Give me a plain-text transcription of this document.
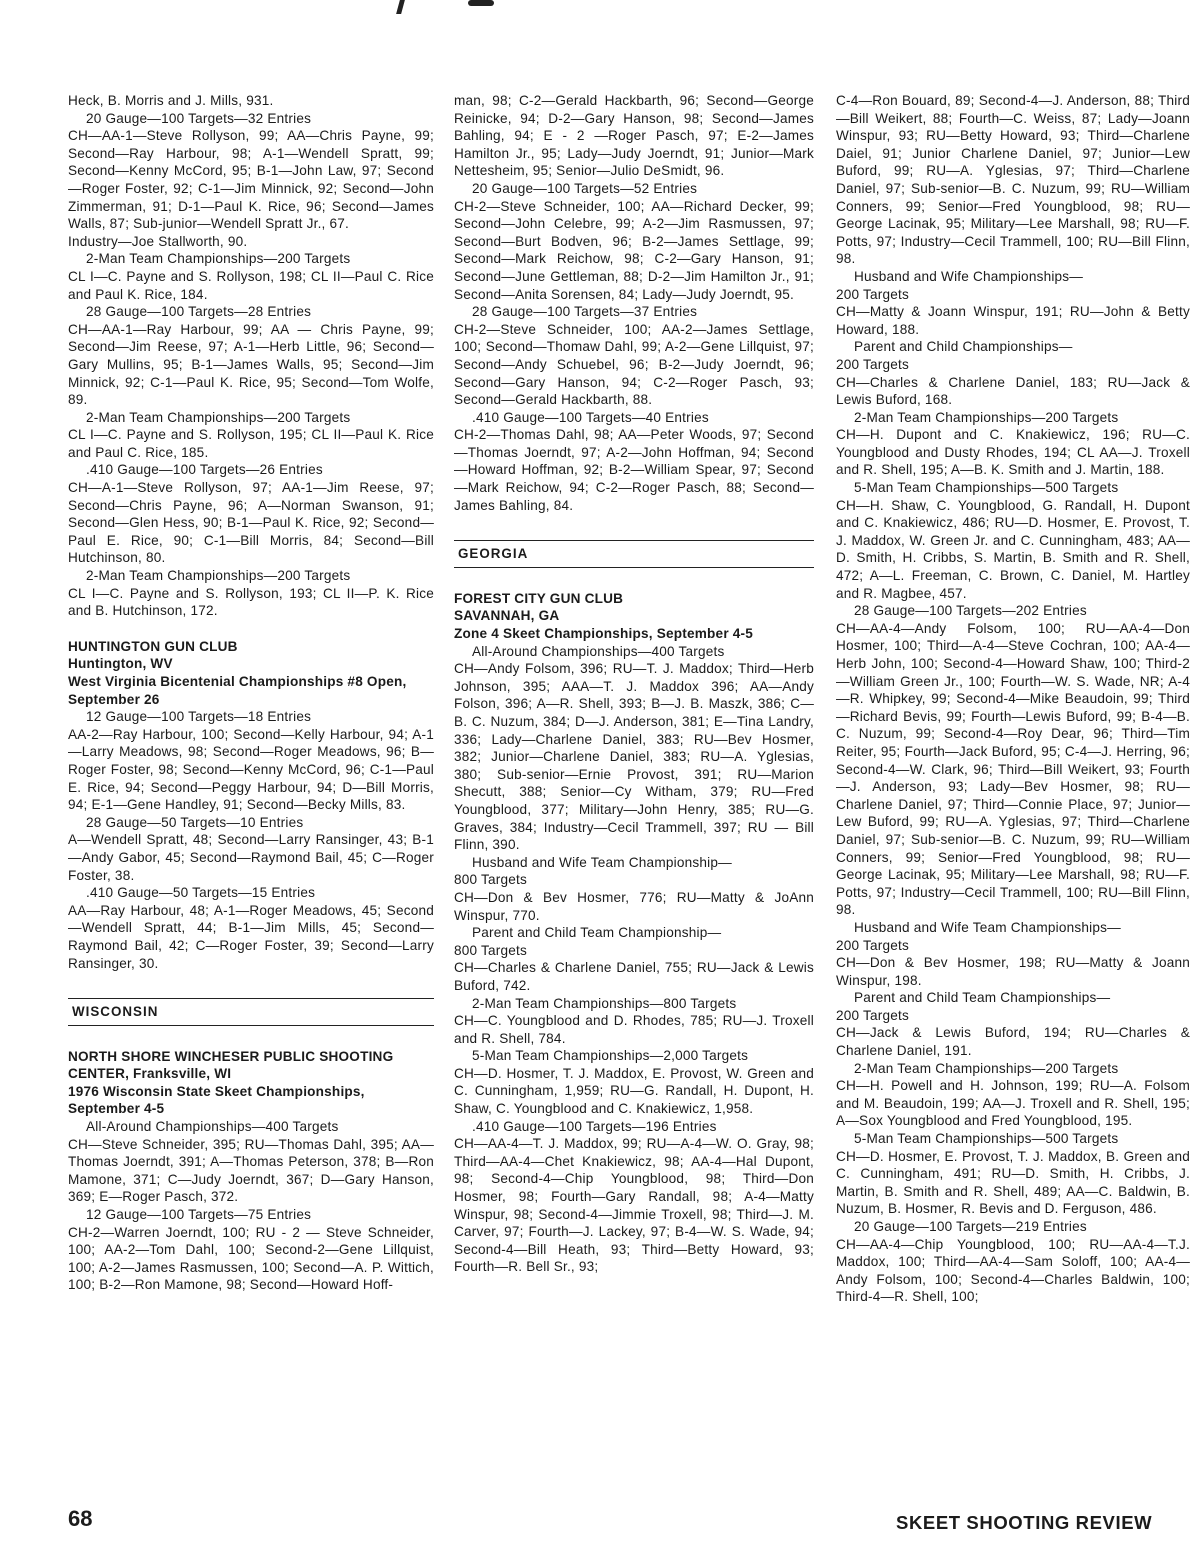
Heck, B. Morris and J. Mills, 931.

20 Gauge—100 Targets—32 Entries

CH—AA-1—Steve Rollyson, 99; AA—Chris Payne, 99; Second—Ray Harbour, 98; A-1—Wendell Spratt, 99; Second—Kenny McCord, 95; B-1—John Law, 97; Second—Roger Foster, 92; C-1—Jim Minnick, 92; Second—John Zimmerman, 91; D-1—Paul K. Rice, 96; Second—James Walls, 87; Sub-junior—Wendell Spratt Jr., 67.

Industry—Joe Stallworth, 90.

2-Man Team Championships—200 Targets

CL I—C. Payne and S. Rollyson, 198; CL II—Paul C. Rice and Paul K. Rice, 184.

28 Gauge—100 Targets—28 Entries

CH—AA-1—Ray Harbour, 99; AA — Chris Payne, 99; Second—Jim Reese, 97; A-1—Herb Little, 96; Second—Gary Mullins, 95; B-1—James Walls, 95; Second—Jim Minnick, 92; C-1—Paul K. Rice, 95; Second—Tom Wolfe, 89.

2-Man Team Championships—200 Targets

CL I—C. Payne and S. Rollyson, 195; CL II—Paul K. Rice and Paul C. Rice, 185.

.410 Gauge—100 Targets—26 Entries

CH—A-1—Steve Rollyson, 97; AA-1—Jim Reese, 97; Second—Chris Payne, 96; A—Norman Swanson, 91; Second—Glen Hess, 90; B-1—Paul K. Rice, 92; Second—Paul E. Rice, 90; C-1—Bill Morris, 84; Second—Bill Hutchinson, 80.

2-Man Team Championships—200 Targets

CL I—C. Payne and S. Rollyson, 193; CL II—P. K. Rice and B. Hutchinson, 172.

HUNTINGTON GUN CLUB

Huntington, WV

West Virginia Bicentenial Championships #8 Open, September 26

12 Gauge—100 Targets—18 Entries

AA-2—Ray Harbour, 100; Second—Kelly Harbour, 94; A-1—Larry Meadows, 98; Second—Roger Meadows, 96; B—Roger Foster, 98; Second—Kenny McCord, 96; C-1—Paul E. Rice, 94; Second—Peggy Harbour, 94; D—Bill Morris, 94; E-1—Gene Handley, 91; Second—Becky Mills, 83.

28 Gauge—50 Targets—10 Entries

A—Wendell Spratt, 48; Second—Larry Ransinger, 43; B-1—Andy Gabor, 45; Second—Raymond Bail, 45; C—Roger Foster, 38.

.410 Gauge—50 Targets—15 Entries

AA—Ray Harbour, 48; A-1—Roger Meadows, 45; Second—Wendell Spratt, 44; B-1—Jim Mills, 45; Second—Raymond Bail, 42; C—Roger Foster, 39; Second—Larry Ransinger, 30.

WISCONSIN

NORTH SHORE WINCHESER PUBLIC SHOOTING CENTER, Franksville, WI

1976 Wisconsin State Skeet Championships, September 4-5

All-Around Championships—400 Targets

CH—Steve Schneider, 395; RU—Thomas Dahl, 395; AA—Thomas Joerndt, 391; A—Thomas Peterson, 378; B—Ron Mamone, 371; C—Judy Joerndt, 367; D—Gary Hanson, 369; E—Roger Pasch, 372.

12 Gauge—100 Targets—75 Entries

CH-2—Warren Joerndt, 100; RU - 2 — Steve Schneider, 100; AA-2—Tom Dahl, 100; Second-2—Gene Lillquist, 100; A-2—James Rasmussen, 100; Second—A. P. Wittich, 100; B-2—Ron Mamone, 98; Second—Howard Hoff-

man, 98; C-2—Gerald Hackbarth, 96; Second—George Reinicke, 94; D-2—Gary Hanson, 98; Second—James Bahling, 94; E - 2 —Roger Pasch, 97; E-2—James Hamilton Jr., 95; Lady—Judy Joerndt, 91; Junior—Mark Nettesheim, 95; Senior—Julio DeSmidt, 96.

20 Gauge—100 Targets—52 Entries

CH-2—Steve Schneider, 100; AA—Richard Decker, 99; Second—John Celebre, 99; A-2—Jim Rasmussen, 97; Second—Burt Bodven, 96; B-2—James Settlage, 99; Second—Mark Reichow, 98; C-2—Gary Hanson, 91; Second—June Gettleman, 88; D-2—Jim Hamilton Jr., 91; Second—Anita Sorensen, 84; Lady—Judy Joerndt, 95.

28 Gauge—100 Targets—37 Entries

CH-2—Steve Schneider, 100; AA-2—James Settlage, 100; Second—Thomaw Dahl, 99; A-2—Gene Lillquist, 97; Second—Andy Schuebel, 96; B-2—Judy Joerndt, 96; Second—Gary Hanson, 94; C-2—Roger Pasch, 93; Second—Gerald Hackbarth, 88.

.410 Gauge—100 Targets—40 Entries

CH-2—Thomas Dahl, 98; AA—Peter Woods, 97; Second—Thomas Joerndt, 97; A-2—John Hoffman, 94; Second—Howard Hoffman, 92; B-2—William Spear, 97; Second—Mark Reichow, 94; C-2—Roger Pasch, 88; Second—James Bahling, 84.

GEORGIA

FOREST CITY GUN CLUB

SAVANNAH, GA

Zone 4 Skeet Championships, September 4-5

All-Around Championships—400 Targets

CH—Andy Folsom, 396; RU—T. J. Maddox; Third—Herb Johnson, 395; AAA—T. J. Maddox 396; AA—Andy Folson, 396; A—R. Shell, 393; B—J. B. Maszk, 386; C—B. C. Nuzum, 384; D—J. Anderson, 381; E—Tina Landry, 336; Lady—Charlene Daniel, 383; RU—Bev Hosmer, 382; Junior—Charlene Daniel, 383; RU—A. Yglesias, 380; Sub-senior—Ernie Provost, 391; RU—Marion Shecutt, 388; Senior—Cy Witham, 379; RU—Fred Youngblood, 377; Military—John Henry, 385; RU—G. Graves, 384; Industry—Cecil Trammell, 397; RU — Bill Flinn, 390.

Husband and Wife Team Championship—

800 Targets

CH—Don & Bev Hosmer, 776; RU—Matty & JoAnn Winspur, 770.

Parent and Child Team Championship—

800 Targets

CH—Charles & Charlene Daniel, 755; RU—Jack & Lewis Buford, 742.

2-Man Team Championships—800 Targets

CH—C. Youngblood and D. Rhodes, 785; RU—J. Troxell and R. Shell, 784.

5-Man Team Championships—2,000 Targets

CH—D. Hosmer, T. J. Maddox, E. Provost, W. Green and C. Cunningham, 1,959; RU—G. Randall, H. Dupont, H. Shaw, C. Youngblood and C. Knakiewicz, 1,958.

.410 Gauge—100 Targets—196 Entries

CH—AA-4—T. J. Maddox, 99; RU—A-4—W. O. Gray, 98; Third—AA-4—Chet Knakiewicz, 98; AA-4—Hal Dupont, 98; Second-4—Chip Youngblood, 98; Third—Don Hosmer, 98; Fourth—Gary Randall, 98; A-4—Matty Winspur, 98; Second-4—Jimmie Troxell, 98; Third—J. M. Carver, 97; Fourth—J. Lackey, 97; B-4—W. S. Wade, 94; Second-4—Bill Heath, 93; Third—Betty Howard, 93; Fourth—R. Bell Sr., 93;

C-4—Ron Bouard, 89; Second-4—J. Anderson, 88; Third—Bill Weikert, 88; Fourth—C. Weiss, 87; Lady—Joann Winspur, 93; RU—Betty Howard, 93; Third—Charlene Daiel, 91; Junior Charlene Daniel, 97; Junior—Lew Buford, 99; RU—A. Yglesias, 97; Third—Charlene Daniel, 97; Sub-senior—B. C. Nuzum, 99; RU—William Conners, 99; Senior—Fred Youngblood, 98; RU—George Lacinak, 95; Military—Lee Marshall, 98; RU—F. Potts, 97; Industry—Cecil Trammell, 100; RU—Bill Flinn, 98.

Husband and Wife Championships—

200 Targets

CH—Matty & Joann Winspur, 191; RU—John & Betty Howard, 188.

Parent and Child Championships—

200 Targets

CH—Charles & Charlene Daniel, 183; RU—Jack & Lewis Buford, 168.

2-Man Team Championships—200 Targets

CH—H. Dupont and C. Knakiewicz, 196; RU—C. Youngblood and Dusty Rhodes, 194; CL AA—J. Troxell and R. Shell, 195; A—B. K. Smith and J. Martin, 188.

5-Man Team Championships—500 Targets

CH—H. Shaw, C. Youngblood, G. Randall, H. Dupont and C. Knakiewicz, 486; RU—D. Hosmer, E. Provost, T. J. Maddox, W. Green Jr. and C. Cunningham, 483; AA—D. Smith, H. Cribbs, S. Martin, B. Smith and R. Shell, 472; A—L. Freeman, C. Brown, C. Daniel, M. Hartley and R. Magbee, 457.

28 Gauge—100 Targets—202 Entries

CH—AA-4—Andy Folsom, 100; RU—AA-4—Don Hosmer, 100; Third—A-4—Steve Cochran, 100; AA-4—Herb John, 100; Second-4—Howard Shaw, 100; Third-2—William Green Jr., 100; Fourth—W. S. Wade, NR; A-4—R. Whipkey, 99; Second-4—Mike Beaudoin, 99; Third—Richard Bevis, 99; Fourth—Lewis Buford, 99; B-4—B. C. Nuzum, 99; Second-4—Roy Dear, 96; Third—Tim Reiter, 95; Fourth—Jack Buford, 95; C-4—J. Herring, 96; Second-4—W. Clark, 96; Third—Bill Weikert, 93; Fourth—J. Anderson, 93; Lady—Bev Hosmer, 98; RU—Charlene Daniel, 97; Third—Connie Place, 97; Junior—Lew Buford, 99; RU—A. Yglesias, 97; Third—Charlene Daniel, 97; Sub-senior—B. C. Nuzum, 99; RU—William Conners, 99; Senior—Fred Youngblood, 98; RU—George Lacinak, 95; Military—Lee Marshall, 98; RU—F. Potts, 97; Industry—Cecil Trammell, 100; RU—Bill Flinn, 98.

Husband and Wife Team Championships—

200 Targets

CH—Don & Bev Hosmer, 198; RU—Matty & Joann Winspur, 198.

Parent and Child Team Championships—

200 Targets

CH—Jack & Lewis Buford, 194; RU—Charles & Charlene Daniel, 191.

2-Man Team Championships—200 Targets

CH—H. Powell and H. Johnson, 199; RU—A. Folsom and M. Beaudoin, 199; AA—J. Troxell and R. Shell, 195; A—Sox Youngblood and Fred Youngblood, 195.

5-Man Team Championships—500 Targets

CH—D. Hosmer, E. Provost, T. J. Maddox, B. Green and C. Cunningham, 491; RU—D. Smith, H. Cribbs, J. Martin, B. Smith and R. Shell, 489; AA—C. Baldwin, B. Nuzum, B. Hosmer, R. Bevis and D. Ferguson, 486.

20 Gauge—100 Targets—219 Entries

CH—AA-4—Chip Youngblood, 100; RU—AA-4—T.J. Maddox, 100; Third—AA-4—Sam Soloff, 100; AA-4—Andy Folsom, 100; Second-4—Charles Baldwin, 100; Third-4—R. Shell, 100;

68	SKEET SHOOTING REVIEW
